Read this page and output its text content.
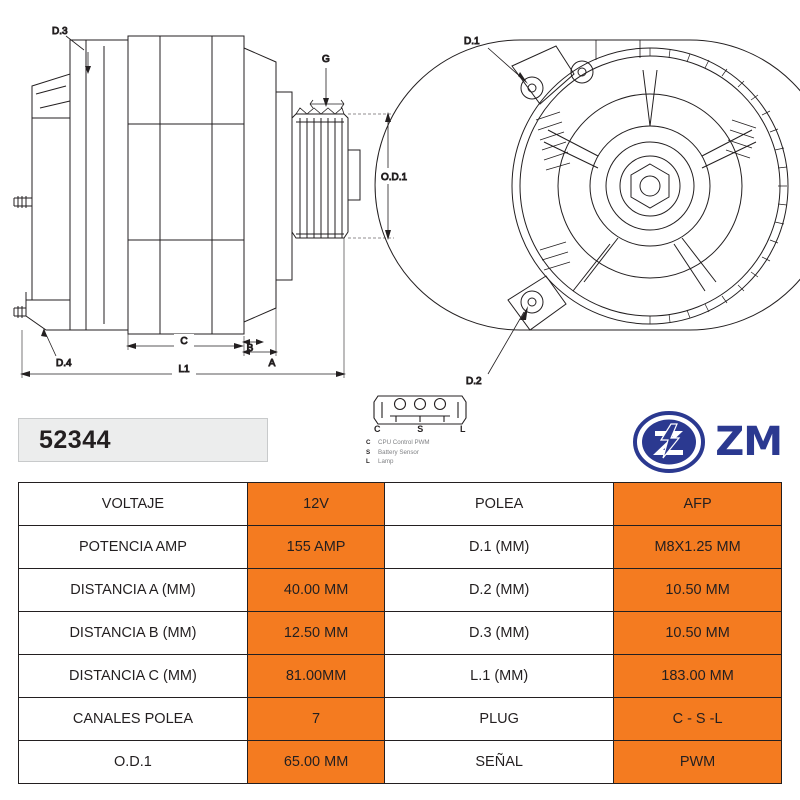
D.3
D.4
G
O.D.1
A
B
C
L1
D.1
D.2
52344	C	S	L
C	CPU Control PWM
S	Battery Sensor
L	Lamp	ZM
VOLTAJE	12V	POLEA	AFP
POTENCIA AMP	155 AMP	D.1 (MM)	M8X1.25 MM
DISTANCIA A (MM)	40.00 MM	D.2 (MM)	10.50 MM
DISTANCIA B (MM)	12.50 MM	D.3 (MM)	10.50 MM
DISTANCIA C (MM)	81.00MM	L.1 (MM)	183.00 MM
CANALES POLEA	7	PLUG	C - S -L
O.D.1	65.00 MM	SEÑAL	PWM
